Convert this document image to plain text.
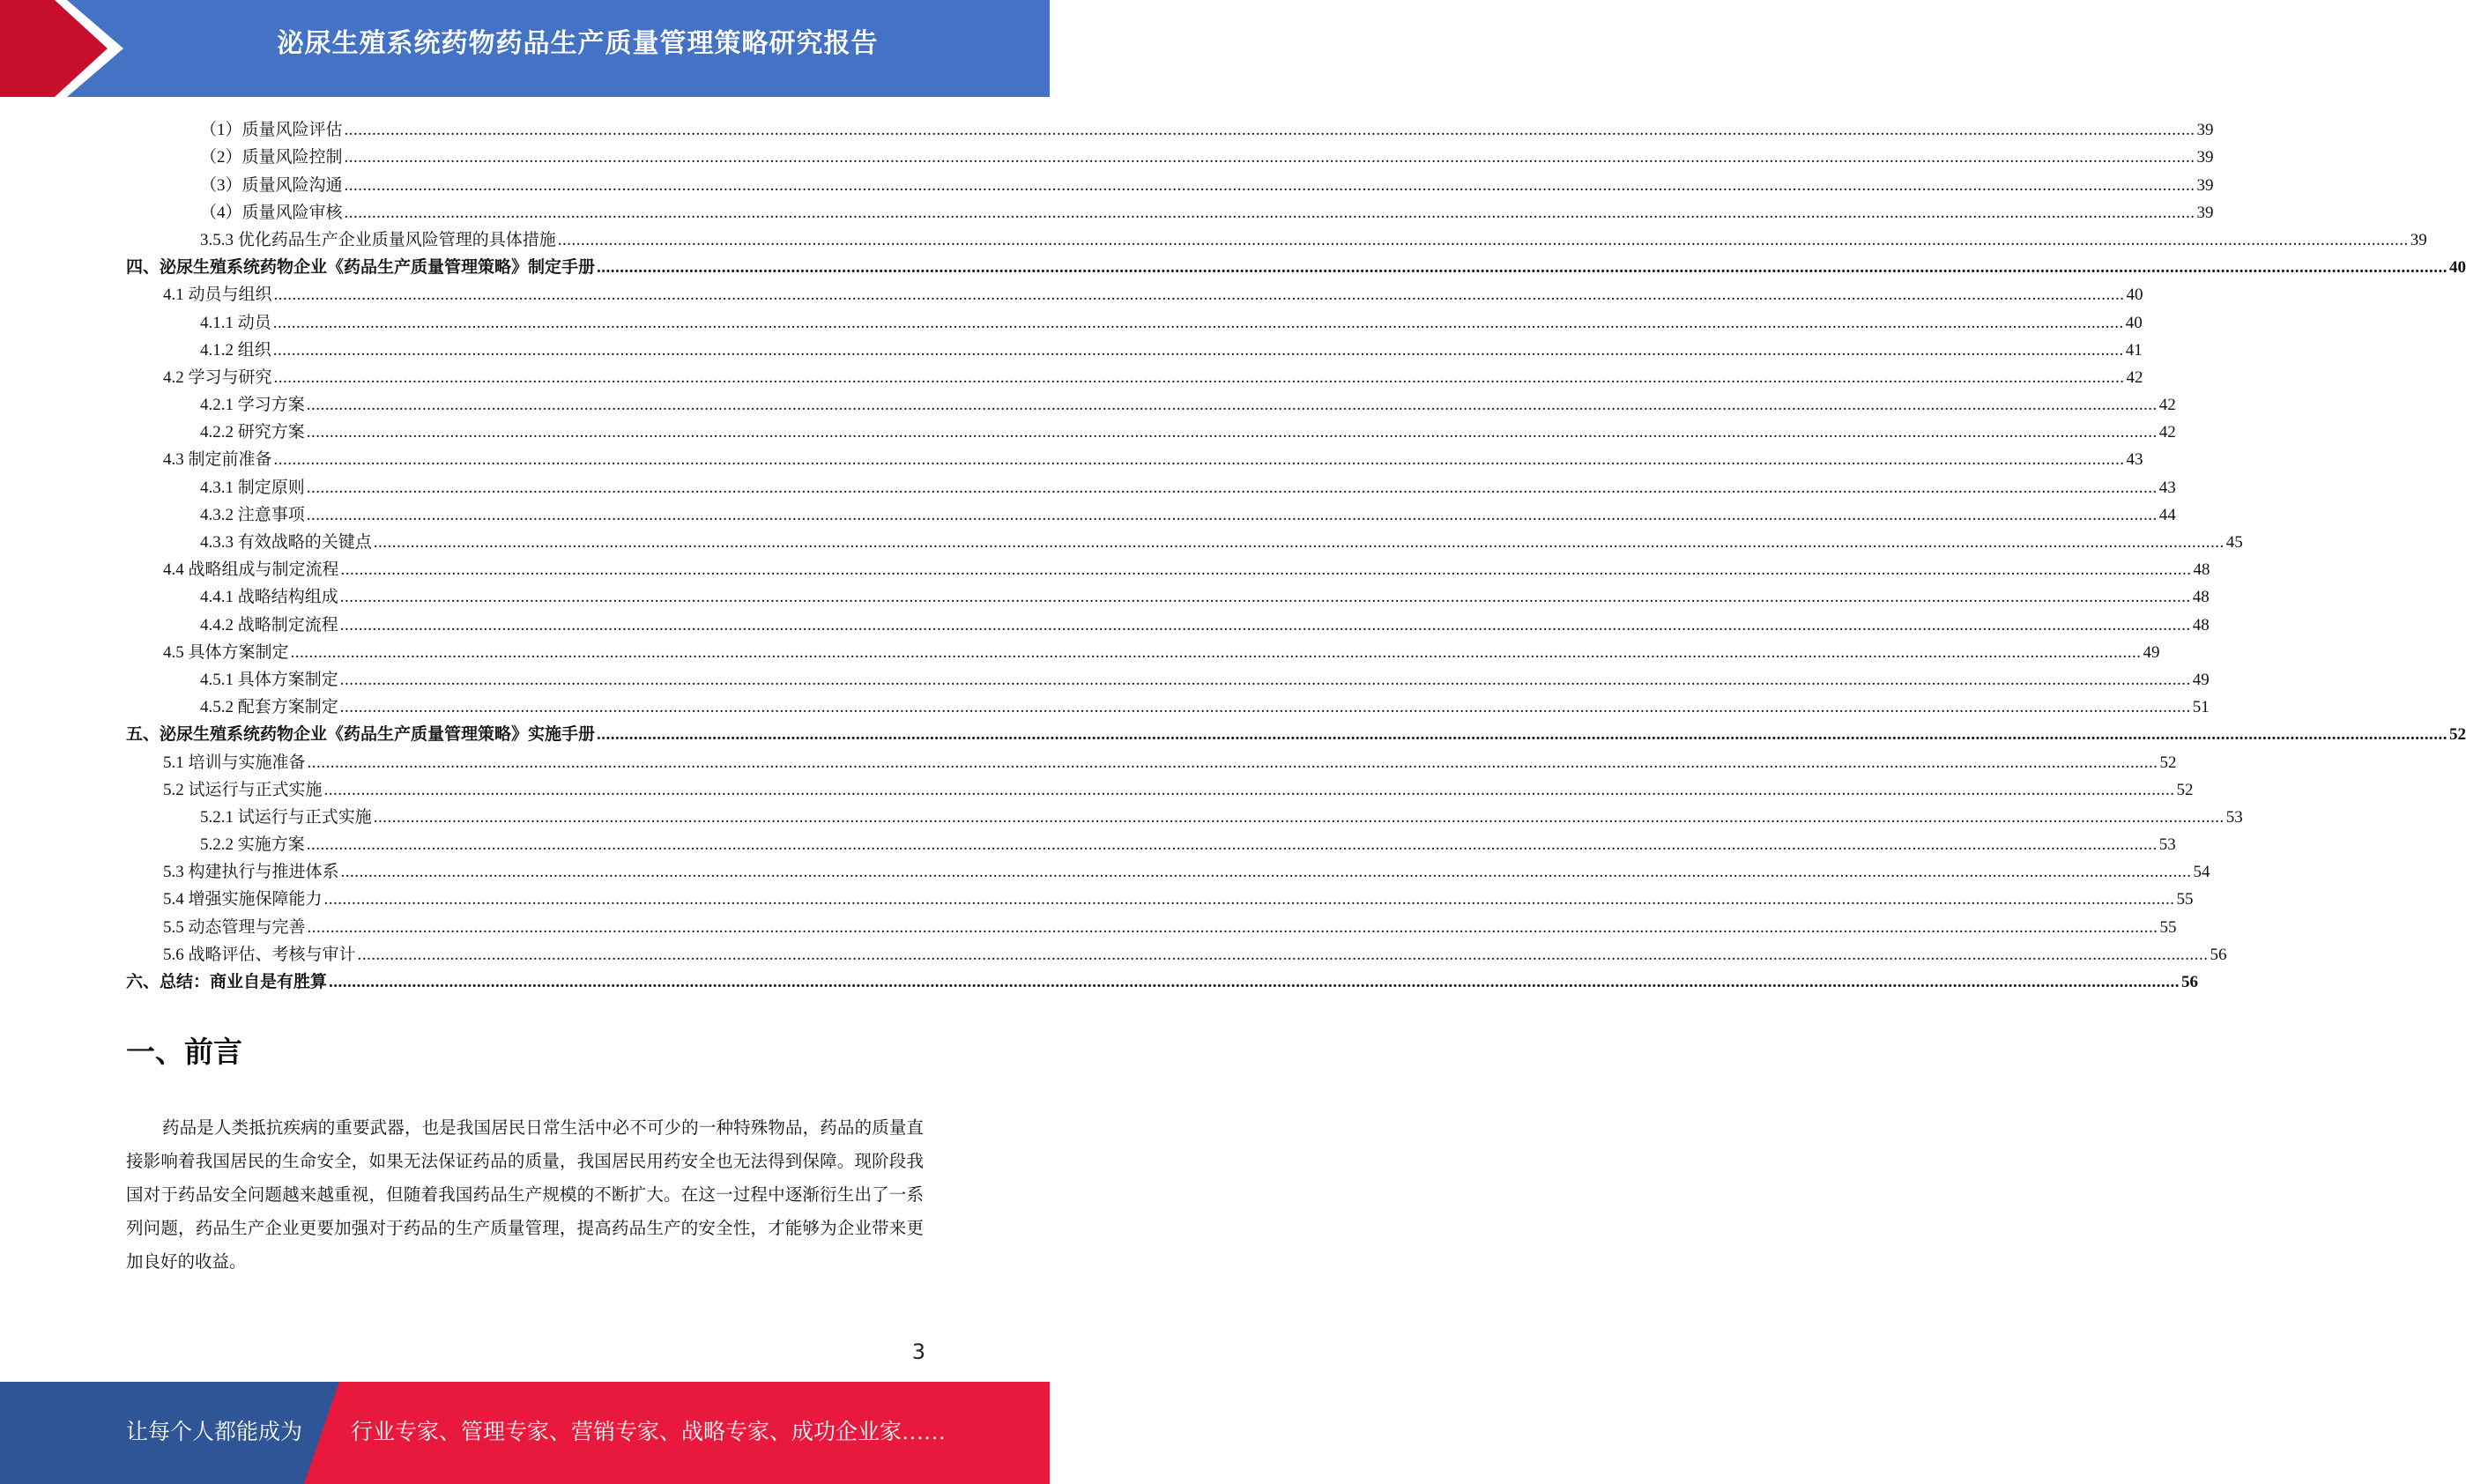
泌尿生殖系统药物药品生产质量管理策略研究报告
（1）质量风险评估 ................................................................................................................................................................................................................................................................................................................................................................................................................ 39
（2）质量风险控制 ................................................................................................................................................................................................................................................................................................................................................................................................................ 39
（3）质量风险沟通 ................................................................................................................................................................................................................................................................................................................................................................................................................ 39
（4）质量风险审核 ................................................................................................................................................................................................................................................................................................................................................................................................................ 39
3.5.3 优化药品生产企业质量风险管理的具体措施 ................................................................................................................................................................................................................................................................................................................................................................................................................ 39
四、泌尿生殖系统药物企业《药品生产质量管理策略》制定手册 ................................................................................................................................................................................................................................................................................................................................................................................................................ 40
4.1 动员与组织 ................................................................................................................................................................................................................................................................................................................................................................................................................ 40
4.1.1 动员 ................................................................................................................................................................................................................................................................................................................................................................................................................ 40
4.1.2 组织 ................................................................................................................................................................................................................................................................................................................................................................................................................ 41
4.2 学习与研究 ................................................................................................................................................................................................................................................................................................................................................................................................................ 42
4.2.1 学习方案 ................................................................................................................................................................................................................................................................................................................................................................................................................ 42
4.2.2 研究方案 ................................................................................................................................................................................................................................................................................................................................................................................................................ 42
4.3 制定前准备 ................................................................................................................................................................................................................................................................................................................................................................................................................ 43
4.3.1 制定原则 ................................................................................................................................................................................................................................................................................................................................................................................................................ 43
4.3.2 注意事项 ................................................................................................................................................................................................................................................................................................................................................................................................................ 44
4.3.3 有效战略的关键点 ................................................................................................................................................................................................................................................................................................................................................................................................................ 45
4.4 战略组成与制定流程 ................................................................................................................................................................................................................................................................................................................................................................................................................ 48
4.4.1 战略结构组成 ................................................................................................................................................................................................................................................................................................................................................................................................................ 48
4.4.2 战略制定流程 ................................................................................................................................................................................................................................................................................................................................................................................................................ 48
4.5 具体方案制定 ................................................................................................................................................................................................................................................................................................................................................................................................................ 49
4.5.1 具体方案制定 ................................................................................................................................................................................................................................................................................................................................................................................................................ 49
4.5.2 配套方案制定 ................................................................................................................................................................................................................................................................................................................................................................................................................ 51
五、泌尿生殖系统药物企业《药品生产质量管理策略》实施手册 ................................................................................................................................................................................................................................................................................................................................................................................................................ 52
5.1 培训与实施准备 ................................................................................................................................................................................................................................................................................................................................................................................................................ 52
5.2 试运行与正式实施 ................................................................................................................................................................................................................................................................................................................................................................................................................ 52
5.2.1 试运行与正式实施 ................................................................................................................................................................................................................................................................................................................................................................................................................ 53
5.2.2 实施方案 ................................................................................................................................................................................................................................................................................................................................................................................................................ 53
5.3 构建执行与推进体系 ................................................................................................................................................................................................................................................................................................................................................................................................................ 54
5.4 增强实施保障能力 ................................................................................................................................................................................................................................................................................................................................................................................................................ 55
5.5 动态管理与完善 ................................................................................................................................................................................................................................................................................................................................................................................................................ 55
5.6 战略评估、考核与审计 ................................................................................................................................................................................................................................................................................................................................................................................................................ 56
六、总结：商业自是有胜算 ................................................................................................................................................................................................................................................................................................................................................................................................................ 56
一、前言
药品是人类抵抗疾病的重要武器，也是我国居民日常生活中必不可少的一种特殊物品，药品的质量直接影响着我国居民的生命安全，如果无法保证药品的质量，我国居民用药安全也无法得到保障。现阶段我国对于药品安全问题越来越重视，但随着我国药品生产规模的不断扩大。在这一过程中逐渐衍生出了一系列问题，药品生产企业更要加强对于药品的生产质量管理，提高药品生产的安全性，才能够为企业带来更加良好的收益。
3
让每个人都能成为 行业专家、管理专家、营销专家、战略专家、成功企业家……
